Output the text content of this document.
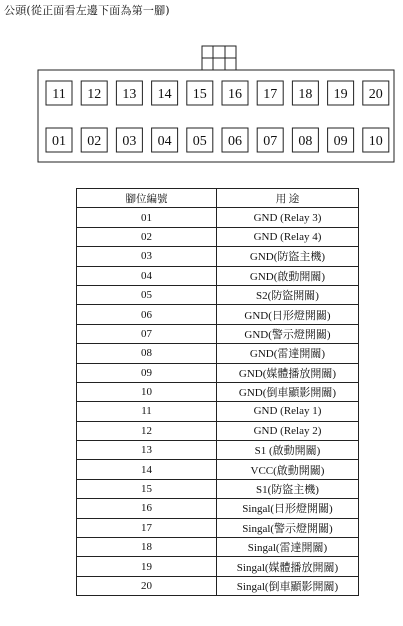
公頭(從正面看左邊下面為第一腳)
11 12 13 14 15 16 17 18 19 20
01 02 03 04 05 06 07 08 09 10
腳位編號	用 途
01	GND (Relay 3)
02	GND (Relay 4)
03	GND(防盜主機)
04	GND(啟動開關)
05	S2(防盜開關)
06	GND(日形燈開關)
07	GND(警示燈開關)
08	GND(雷達開關)
09	GND(媒體播放開關)
10	GND(倒車顯影開關)
11	GND (Relay 1)
12	GND (Relay 2)
13	S1 (啟動開關)
14	VCC(啟動開關)
15	S1(防盜主機)
16	Singal(日形燈開關)
17	Singal(警示燈開關)
18	Singal(雷達開關)
19	Singal(媒體播放開關)
20	Singal(倒車顯影開關)
